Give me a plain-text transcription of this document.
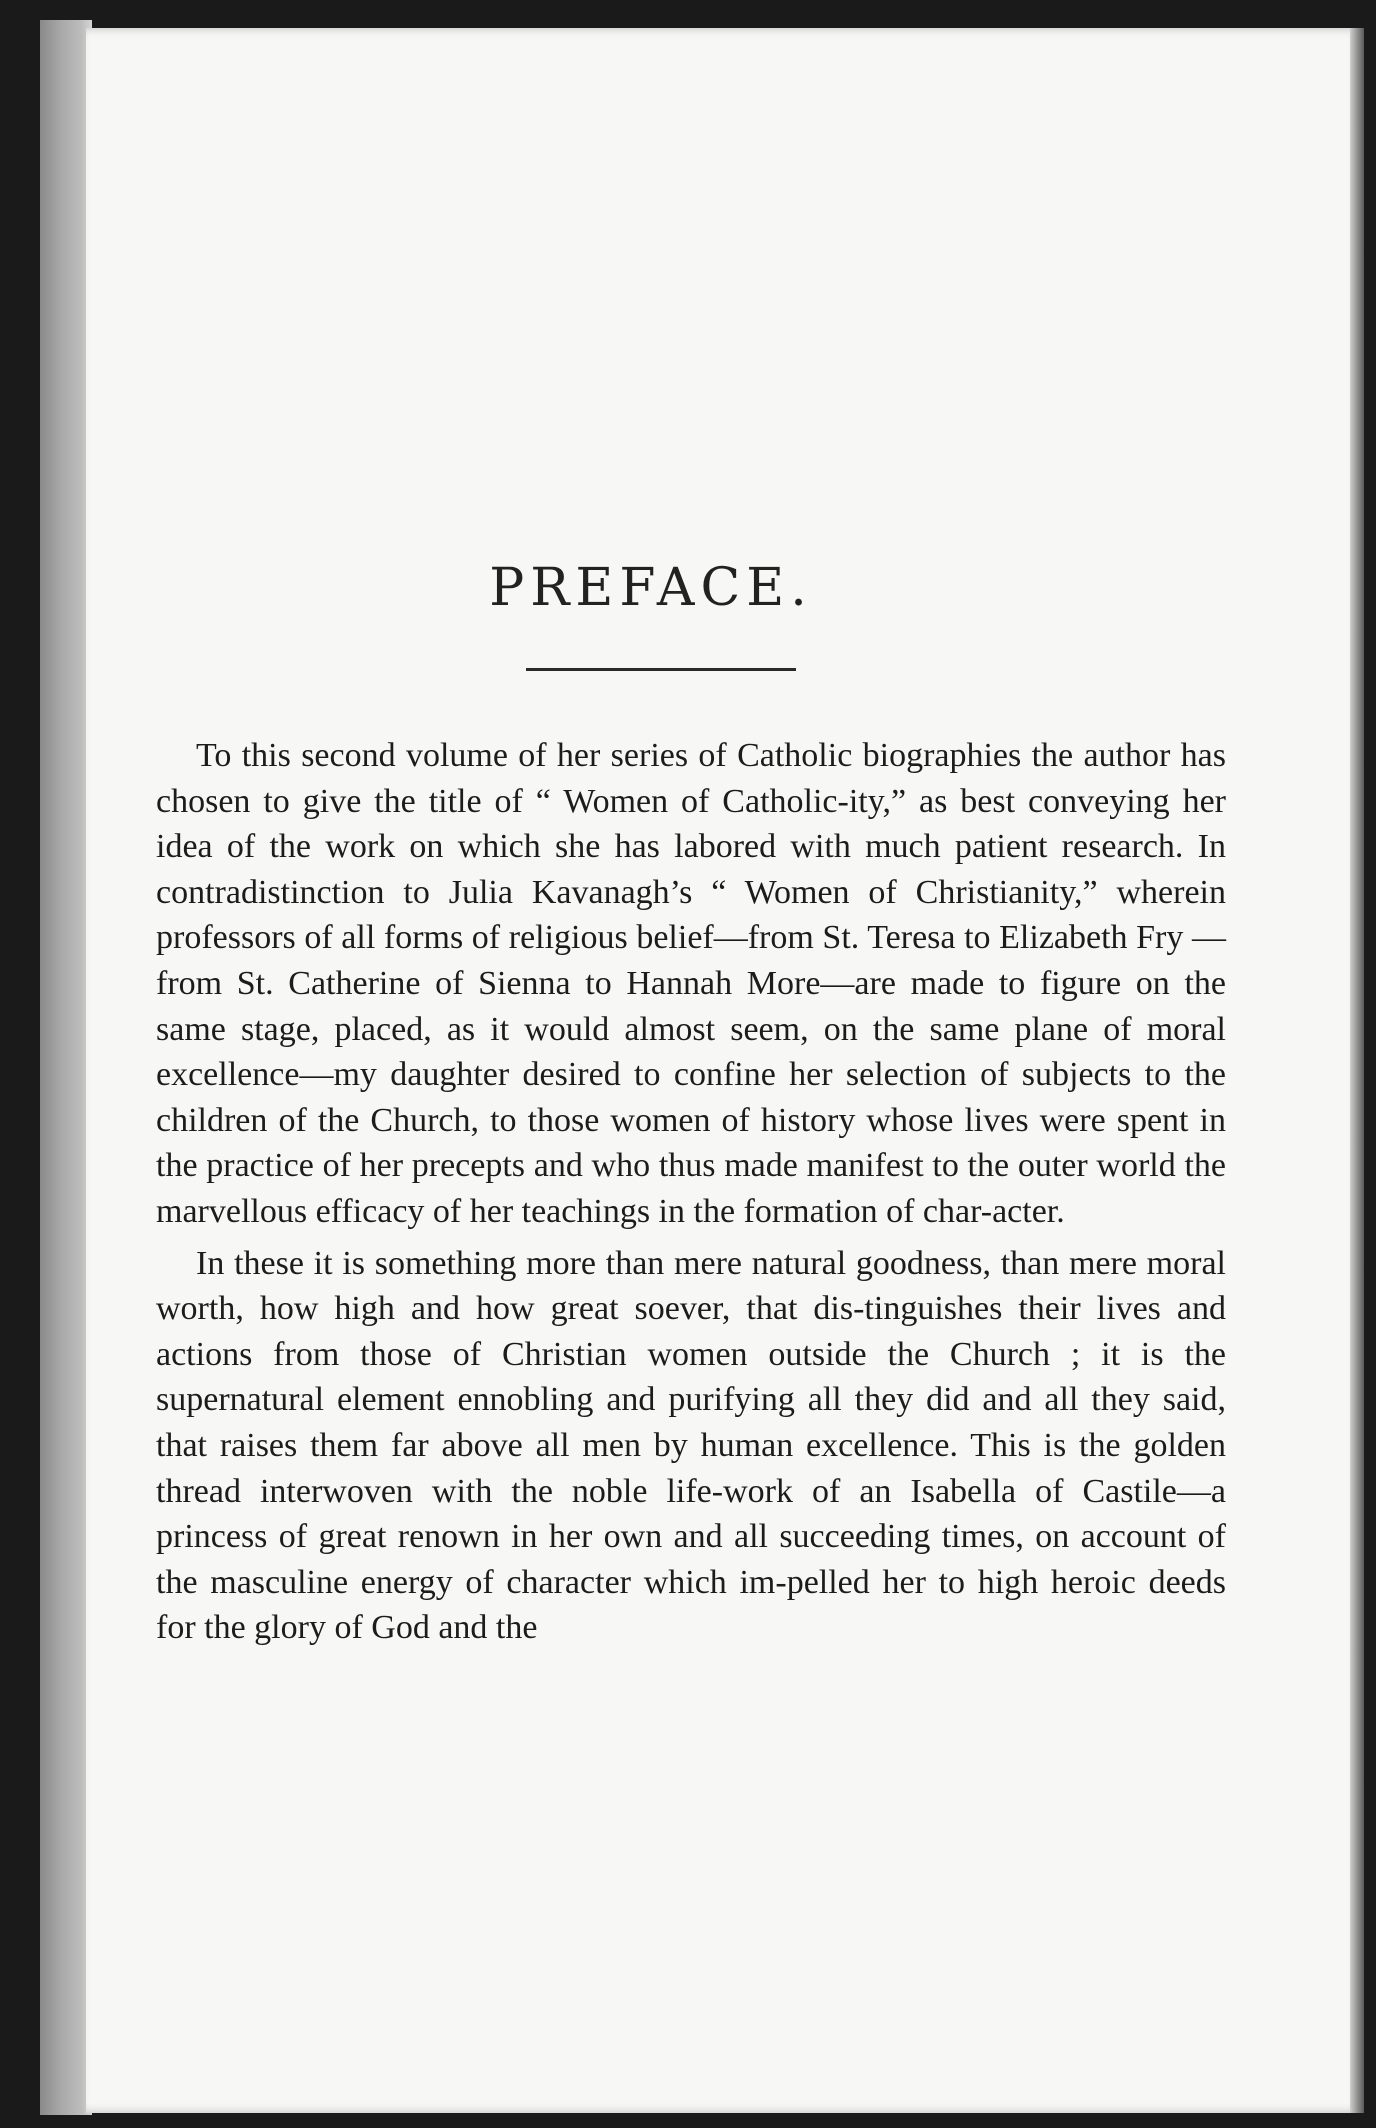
PREFACE.

To this second volume of her series of Catholic biographies the author has chosen to give the title of “ Women of Catholic-ity,” as best conveying her idea of the work on which she has labored with much patient research. In contradistinction to Julia Kavanagh’s “ Women of Christianity,” wherein professors of all forms of religious belief—from St. Teresa to Elizabeth Fry —from St. Catherine of Sienna to Hannah More—are made to figure on the same stage, placed, as it would almost seem, on the same plane of moral excellence—my daughter desired to confine her selection of subjects to the children of the Church, to those women of history whose lives were spent in the practice of her precepts and who thus made manifest to the outer world the marvellous efficacy of her teachings in the formation of char-acter.

In these it is something more than mere natural goodness, than mere moral worth, how high and how great soever, that dis-tinguishes their lives and actions from those of Christian women outside the Church ; it is the supernatural element ennobling and purifying all they did and all they said, that raises them far above all men by human excellence. This is the golden thread interwoven with the noble life-work of an Isabella of Castile—a princess of great renown in her own and all succeeding times, on account of the masculine energy of character which im-pelled her to high heroic deeds for the glory of God and the
